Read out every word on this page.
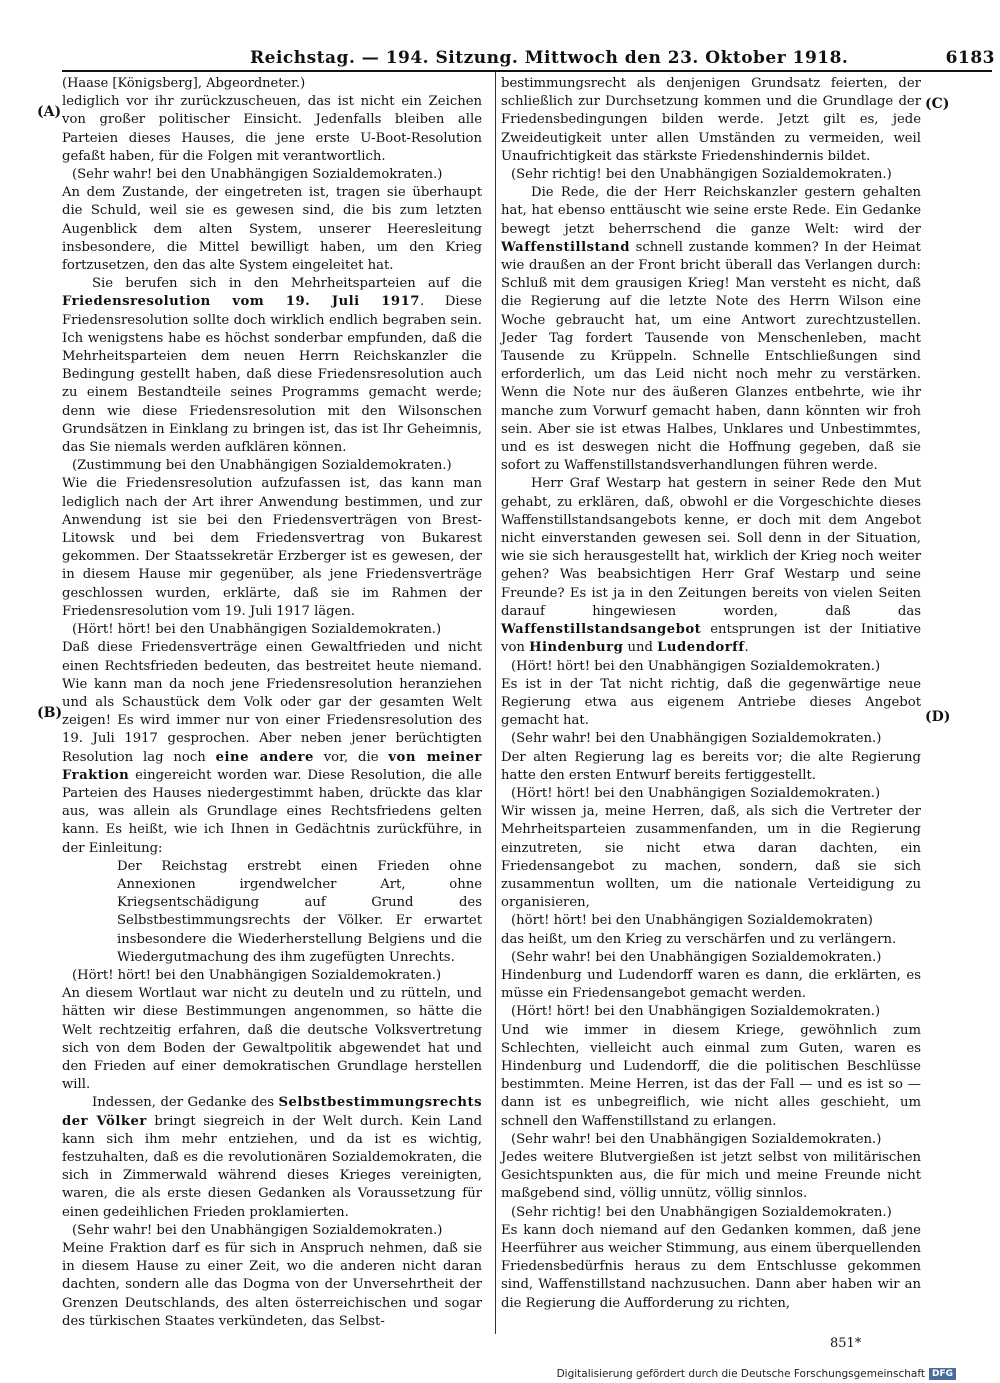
Reichstag. — 194. Sitzung. Mittwoch den 23. Oktober 1918.	6183
(A)
(B)
(C)
(D)

(Haase [Königsberg], Abgeordneter.)

lediglich vor ihr zurückzuscheuen, das ist nicht ein Zeichen von großer politischer Einsicht. Jedenfalls bleiben alle Parteien dieses Hauses, die jene erste U-Boot-Resolution gefaßt haben, für die Folgen mit verantwortlich.

(Sehr wahr! bei den Unabhängigen Sozialdemokraten.)

An dem Zustande, der eingetreten ist, tragen sie überhaupt die Schuld, weil sie es gewesen sind, die bis zum letzten Augenblick dem alten System, unserer Heeresleitung insbesondere, die Mittel bewilligt haben, um den Krieg fortzusetzen, den das alte System eingeleitet hat.

Sie berufen sich in den Mehrheitsparteien auf die Friedensresolution vom 19. Juli 1917. Diese Friedensresolution sollte doch wirklich endlich begraben sein. Ich wenigstens habe es höchst sonderbar empfunden, daß die Mehrheitsparteien dem neuen Herrn Reichskanzler die Bedingung gestellt haben, daß diese Friedensresolution auch zu einem Bestandteile seines Programms gemacht werde; denn wie diese Friedensresolution mit den Wilsonschen Grundsätzen in Einklang zu bringen ist, das ist Ihr Geheimnis, das Sie niemals werden aufklären können.

(Zustimmung bei den Unabhängigen Sozialdemokraten.)

Wie die Friedensresolution aufzufassen ist, das kann man lediglich nach der Art ihrer Anwendung bestimmen, und zur Anwendung ist sie bei den Friedensverträgen von Brest-Litowsk und bei dem Friedensvertrag von Bukarest gekommen. Der Staatssekretär Erzberger ist es gewesen, der in diesem Hause mir gegenüber, als jene Friedensverträge geschlossen wurden, erklärte, daß sie im Rahmen der Friedensresolution vom 19. Juli 1917 lägen.

(Hört! hört! bei den Unabhängigen Sozialdemokraten.)

Daß diese Friedensverträge einen Gewaltfrieden und nicht einen Rechtsfrieden bedeuten, das bestreitet heute niemand. Wie kann man da noch jene Friedensresolution heranziehen und als Schaustück dem Volk oder gar der gesamten Welt zeigen! Es wird immer nur von einer Friedensresolution des 19. Juli 1917 gesprochen. Aber neben jener berüchtigten Resolution lag noch eine andere vor, die von meiner Fraktion eingereicht worden war. Diese Resolution, die alle Parteien des Hauses niedergestimmt haben, drückte das klar aus, was allein als Grundlage eines Rechtsfriedens gelten kann. Es heißt, wie ich Ihnen in Gedächtnis zurückführe, in der Einleitung:

Der Reichstag erstrebt einen Frieden ohne Annexionen irgendwelcher Art, ohne Kriegsentschädigung auf Grund des Selbstbestimmungsrechts der Völker. Er erwartet insbesondere die Wiederherstellung Belgiens und die Wiedergutmachung des ihm zugefügten Unrechts.

(Hört! hört! bei den Unabhängigen Sozialdemokraten.)

An diesem Wortlaut war nicht zu deuteln und zu rütteln, und hätten wir diese Bestimmungen angenommen, so hätte die Welt rechtzeitig erfahren, daß die deutsche Volksvertretung sich von dem Boden der Gewaltpolitik abgewendet hat und den Frieden auf einer demokratischen Grundlage herstellen will.

Indessen, der Gedanke des Selbstbestimmungsrechts der Völker bringt siegreich in der Welt durch. Kein Land kann sich ihm mehr entziehen, und da ist es wichtig, festzuhalten, daß es die revolutionären Sozialdemokraten, die sich in Zimmerwald während dieses Krieges vereinigten, waren, die als erste diesen Gedanken als Voraussetzung für einen gedeihlichen Frieden proklamierten.

(Sehr wahr! bei den Unabhängigen Sozialdemokraten.)

Meine Fraktion darf es für sich in Anspruch nehmen, daß sie in diesem Hause zu einer Zeit, wo die anderen nicht daran dachten, sondern alle das Dogma von der Unversehrtheit der Grenzen Deutschlands, des alten österreichischen und sogar des türkischen Staates verkündeten, das Selbst-

bestimmungsrecht als denjenigen Grundsatz feierten, der schließlich zur Durchsetzung kommen und die Grundlage der Friedensbedingungen bilden werde. Jetzt gilt es, jede Zweideutigkeit unter allen Umständen zu vermeiden, weil Unaufrichtigkeit das stärkste Friedenshindernis bildet.

(Sehr richtig! bei den Unabhängigen Sozialdemokraten.)

Die Rede, die der Herr Reichskanzler gestern gehalten hat, hat ebenso enttäuscht wie seine erste Rede. Ein Gedanke bewegt jetzt beherrschend die ganze Welt: wird der Waffenstillstand schnell zustande kommen? In der Heimat wie draußen an der Front bricht überall das Verlangen durch: Schluß mit dem grausigen Krieg! Man versteht es nicht, daß die Regierung auf die letzte Note des Herrn Wilson eine Woche gebraucht hat, um eine Antwort zurechtzustellen. Jeder Tag fordert Tausende von Menschenleben, macht Tausende zu Krüppeln. Schnelle Entschließungen sind erforderlich, um das Leid nicht noch mehr zu verstärken. Wenn die Note nur des äußeren Glanzes entbehrte, wie ihr manche zum Vorwurf gemacht haben, dann könnten wir froh sein. Aber sie ist etwas Halbes, Unklares und Unbestimmtes, und es ist deswegen nicht die Hoffnung gegeben, daß sie sofort zu Waffenstillstandsverhandlungen führen werde.

Herr Graf Westarp hat gestern in seiner Rede den Mut gehabt, zu erklären, daß, obwohl er die Vorgeschichte dieses Waffenstillstandsangebots kenne, er doch mit dem Angebot nicht einverstanden gewesen sei. Soll denn in der Situation, wie sie sich herausgestellt hat, wirklich der Krieg noch weiter gehen? Was beabsichtigen Herr Graf Westarp und seine Freunde? Es ist ja in den Zeitungen bereits von vielen Seiten darauf hingewiesen worden, daß das Waffenstillstandsangebot entsprungen ist der Initiative von Hindenburg und Ludendorff.

(Hört! hört! bei den Unabhängigen Sozialdemokraten.)

Es ist in der Tat nicht richtig, daß die gegenwärtige neue Regierung etwa aus eigenem Antriebe dieses Angebot gemacht hat.

(Sehr wahr! bei den Unabhängigen Sozialdemokraten.)

Der alten Regierung lag es bereits vor; die alte Regierung hatte den ersten Entwurf bereits fertiggestellt.

(Hört! hört! bei den Unabhängigen Sozialdemokraten.)

Wir wissen ja, meine Herren, daß, als sich die Vertreter der Mehrheitsparteien zusammenfanden, um in die Regierung einzutreten, sie nicht etwa daran dachten, ein Friedensangebot zu machen, sondern, daß sie sich zusammentun wollten, um die nationale Verteidigung zu organisieren,

(hört! hört! bei den Unabhängigen Sozialdemokraten)

das heißt, um den Krieg zu verschärfen und zu verlängern.

(Sehr wahr! bei den Unabhängigen Sozialdemokraten.)

Hindenburg und Ludendorff waren es dann, die erklärten, es müsse ein Friedensangebot gemacht werden.

(Hört! hört! bei den Unabhängigen Sozialdemokraten.)

Und wie immer in diesem Kriege, gewöhnlich zum Schlechten, vielleicht auch einmal zum Guten, waren es Hindenburg und Ludendorff, die die politischen Beschlüsse bestimmten. Meine Herren, ist das der Fall — und es ist so — dann ist es unbegreiflich, wie nicht alles geschieht, um schnell den Waffenstillstand zu erlangen.

(Sehr wahr! bei den Unabhängigen Sozialdemokraten.)

Jedes weitere Blutvergießen ist jetzt selbst von militärischen Gesichtspunkten aus, die für mich und meine Freunde nicht maßgebend sind, völlig unnütz, völlig sinnlos.

(Sehr richtig! bei den Unabhängigen Sozialdemokraten.)

Es kann doch niemand auf den Gedanken kommen, daß jene Heerführer aus weicher Stimmung, aus einem überquellenden Friedensbedürfnis heraus zu dem Entschlusse gekommen sind, Waffenstillstand nachzusuchen. Dann aber haben wir an die Regierung die Aufforderung zu richten,

851*
Digitalisierung gefördert durch die Deutsche Forschungsgemeinschaft DFG
